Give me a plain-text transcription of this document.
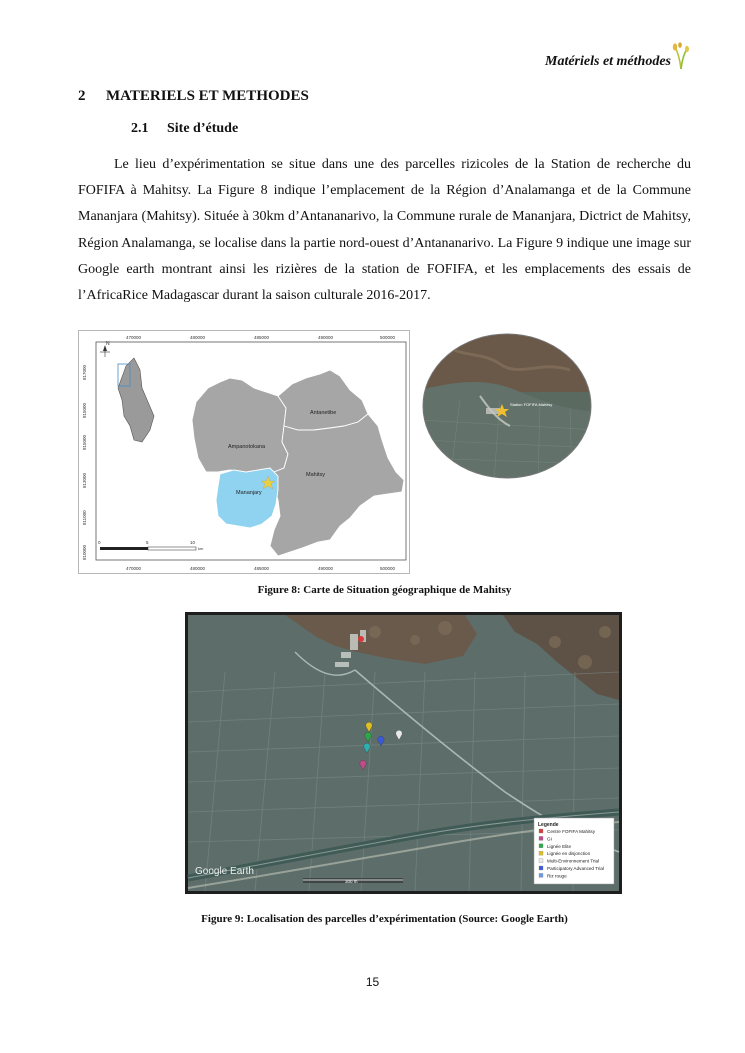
Matériels et méthodes
2 MATERIELS ET METHODES
2.1 Site d’étude

Le lieu d’expérimentation se situe dans une des parcelles rizicoles de la Station de recherche du FOFIFA à Mahitsy. La Figure 8 indique l’emplacement de la Région d’Analamanga et de la Commune Mananjara (Mahitsy). Située à 30km d’Antananarivo, la Commune rurale de Mananjara, Dictrict de Mahitsy, Région Analamanga, se localise dans la partie nord-ouest d’Antananarivo. La Figure 9 indique une image sur Google earth montrant ainsi les rizières de la station de FOFIFA, et les emplacements des essais de l’AfricaRice Madagascar durant la saison culturale 2016-2017.

470000	480000	485000	490000	500000
470000	480000	485000	490000	500000
817000
815000
815000
813000
811000
810000
N
Antanetibe
Ampanotokana
Mahitsy
Mananjary
0	5	10
km
Station FOFIFA Mahitsy
Figure 8: Carte de Situation géographique de Mahitsy
Google Earth
300 m
Legende
Centre FOFIFA Mahitsy
GI
Lignée Elite
Lignée en disjonction
Multi-Environnement Trial
Participatory Advanced Trial
Riz rouge
Figure 9: Localisation des parcelles d’expérimentation (Source: Google Earth)
15
